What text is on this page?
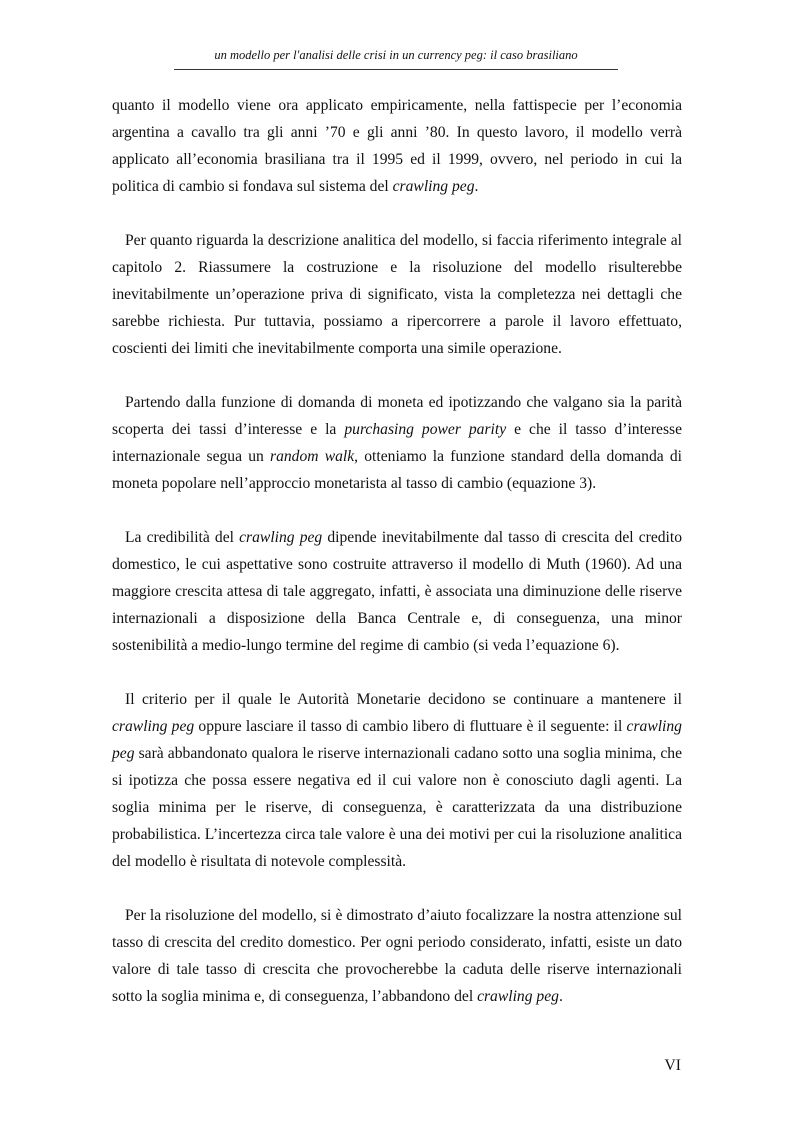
un modello per l'analisi delle crisi in un currency peg: il caso brasiliano

quanto il modello viene ora applicato empiricamente, nella fattispecie per l’economia argentina a cavallo tra gli anni ’70 e gli anni ’80. In questo lavoro, il modello verrà applicato all’economia brasiliana tra il 1995 ed il 1999, ovvero, nel periodo in cui la politica di cambio si fondava sul sistema del crawling peg.

Per quanto riguarda la descrizione analitica del modello, si faccia riferimento integrale al capitolo 2. Riassumere la costruzione e la risoluzione del modello risulterebbe inevitabilmente un’operazione priva di significato, vista la completezza nei dettagli che sarebbe richiesta. Pur tuttavia, possiamo a ripercorrere a parole il lavoro effettuato, coscienti dei limiti che inevitabilmente comporta una simile operazione.

Partendo dalla funzione di domanda di moneta ed ipotizzando che valgano sia la parità scoperta dei tassi d’interesse e la purchasing power parity e che il tasso d’interesse internazionale segua un random walk, otteniamo la funzione standard della domanda di moneta popolare nell’approccio monetarista al tasso di cambio (equazione 3).

La credibilità del crawling peg dipende inevitabilmente dal tasso di crescita del credito domestico, le cui aspettative sono costruite attraverso il modello di Muth (1960). Ad una maggiore crescita attesa di tale aggregato, infatti, è associata una diminuzione delle riserve internazionali a disposizione della Banca Centrale e, di conseguenza, una minor sostenibilità a medio-lungo termine del regime di cambio (si veda l’equazione 6).

Il criterio per il quale le Autorità Monetarie decidono se continuare a mantenere il crawling peg oppure lasciare il tasso di cambio libero di fluttuare è il seguente: il crawling peg sarà abbandonato qualora le riserve internazionali cadano sotto una soglia minima, che si ipotizza che possa essere negativa ed il cui valore non è conosciuto dagli agenti. La soglia minima per le riserve, di conseguenza, è caratterizzata da una distribuzione probabilistica. L’incertezza circa tale valore è una dei motivi per cui la risoluzione analitica del modello è risultata di notevole complessità.

Per la risoluzione del modello, si è dimostrato d’aiuto focalizzare la nostra attenzione sul tasso di crescita del credito domestico. Per ogni periodo considerato, infatti, esiste un dato valore di tale tasso di crescita che provocherebbe la caduta delle riserve internazionali sotto la soglia minima e, di conseguenza, l’abbandono del crawling peg.

VI
